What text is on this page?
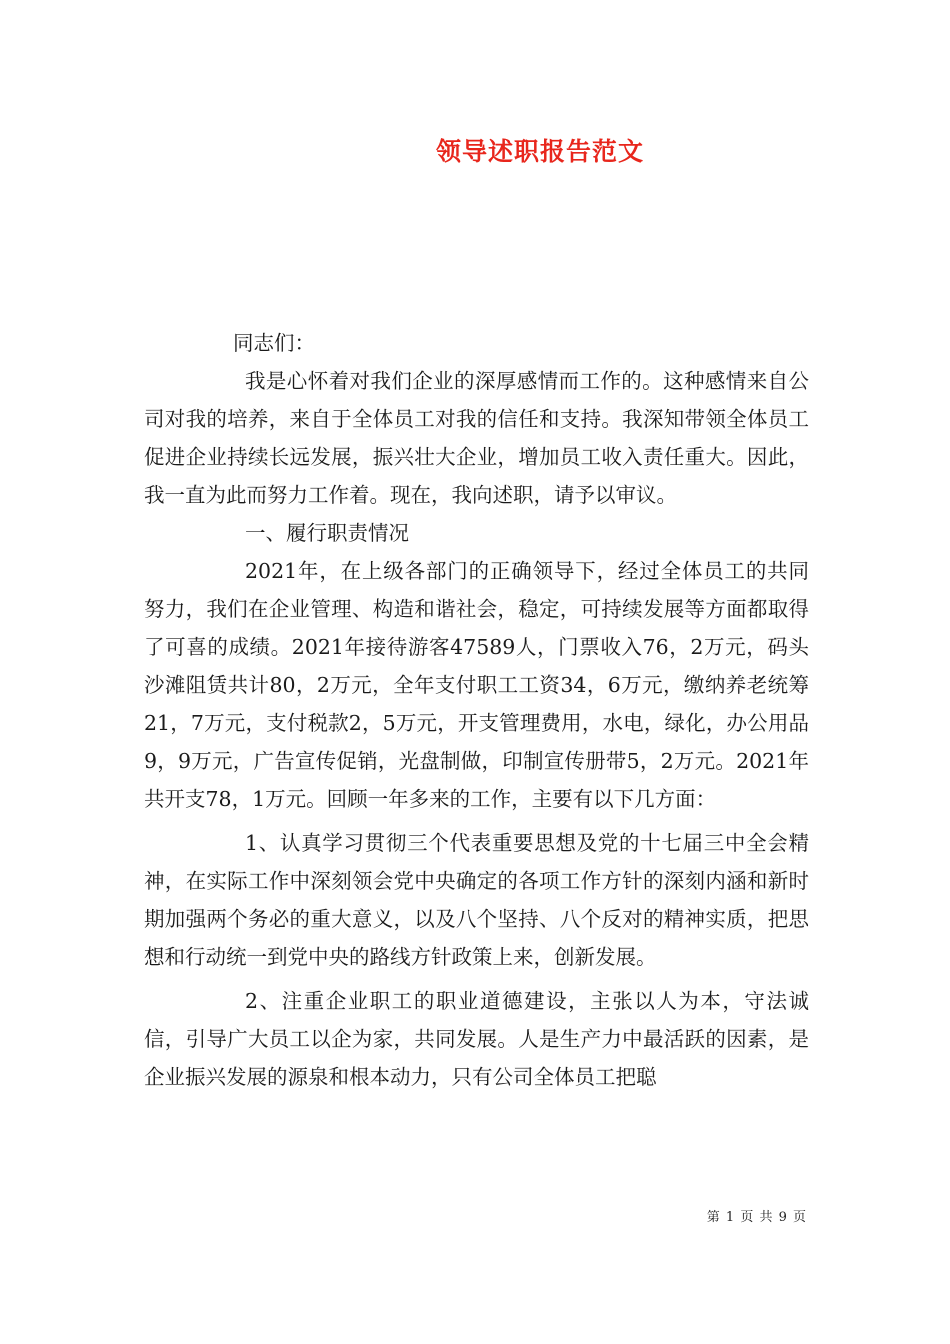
领导述职报告范文

同志们：

我是心怀着对我们企业的深厚感情而工作的。这种感情来自公司对我的培养，来自于全体员工对我的信任和支持。我深知带领全体员工促进企业持续长远发展，振兴壮大企业，增加员工收入责任重大。因此，我一直为此而努力工作着。现在，我向述职，请予以审议。

一、履行职责情况

2021年，在上级各部门的正确领导下，经过全体员工的共同努力，我们在企业管理、构造和谐社会，稳定，可持续发展等方面都取得了可喜的成绩。2021年接待游客47589人，门票收入76，2万元，码头沙滩阻赁共计80，2万元，全年支付职工工资34，6万元，缴纳养老统筹21，7万元，支付税款2，5万元，开支管理费用，水电，绿化，办公用品9，9万元，广告宣传促销，光盘制做，印制宣传册带5，2万元。2021年共开支78，1万元。回顾一年多来的工作，主要有以下几方面：

1、认真学习贯彻三个代表重要思想及党的十七届三中全会精神，在实际工作中深刻领会党中央确定的各项工作方针的深刻内涵和新时期加强两个务必的重大意义，以及八个坚持、八个反对的精神实质，把思想和行动统一到党中央的路线方针政策上来，创新发展。

2、注重企业职工的职业道德建设，主张以人为本，守法诚信，引导广大员工以企为家，共同发展。人是生产力中最活跃的因素，是企业振兴发展的源泉和根本动力，只有公司全体员工把聪

第 1 页 共 9 页
